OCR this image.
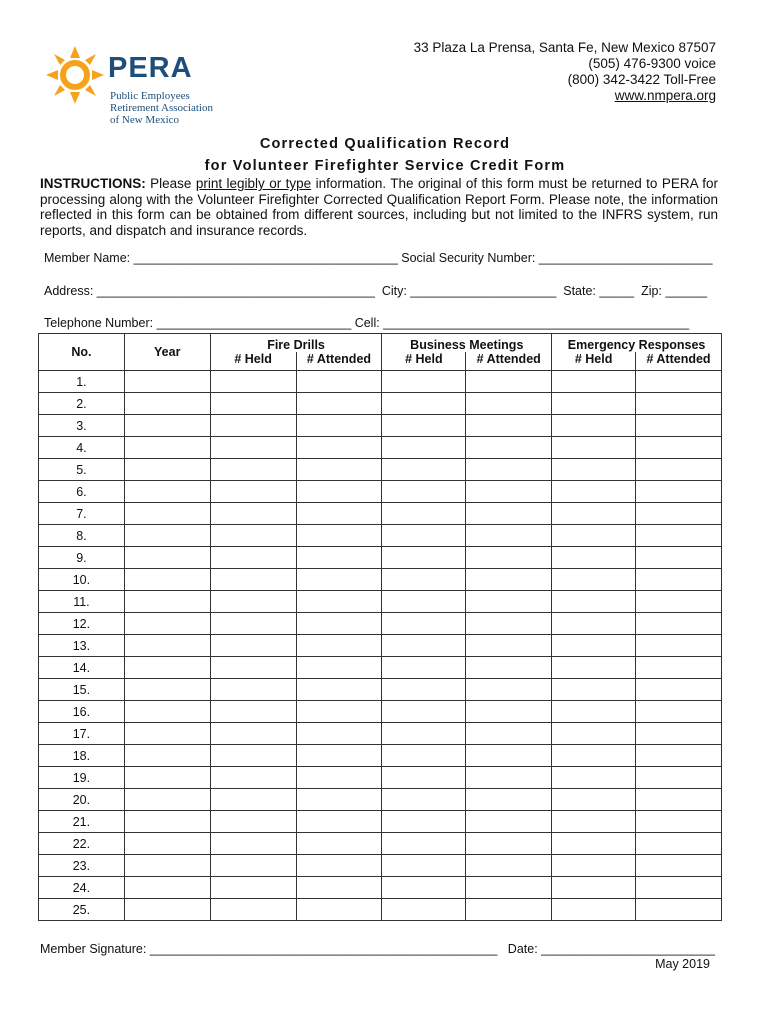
PERA
Public Employees
Retirement Association
of New Mexico
33 Plaza La Prensa, Santa Fe, New Mexico 87507
(505) 476-9300 voice
(800) 342-3422 Toll-Free
www.nmpera.org
Corrected Qualification Record
for Volunteer Firefighter Service Credit Form
INSTRUCTIONS: Please print legibly or type information. The original of this form must be returned to PERA for processing along with the Volunteer Firefighter Corrected Qualification Report Form. Please note, the information reflected in this form can be obtained from different sources, including but not limited to the INFRS system, run reports, and dispatch and insurance records.
Member Name: ______________________________________ Social Security Number: _________________________
Address: ________________________________________  City: _____________________  State: _____  Zip: ______
Telephone Number: ____________________________ Cell: ____________________________________________
No.	Year	Fire Drills		Business Meetings		Emergency Responses	
		# Held	# Attended	# Held	# Attended	# Held	# Attended
1.							
2.							
3.							
4.							
5.							
6.							
7.							
8.							
9.							
10.							
11.							
12.							
13.							
14.							
15.							
16.							
17.							
18.							
19.							
20.							
21.							
22.							
23.							
24.							
25.							
Member Signature: __________________________________________________   Date: _________________________
May 2019
